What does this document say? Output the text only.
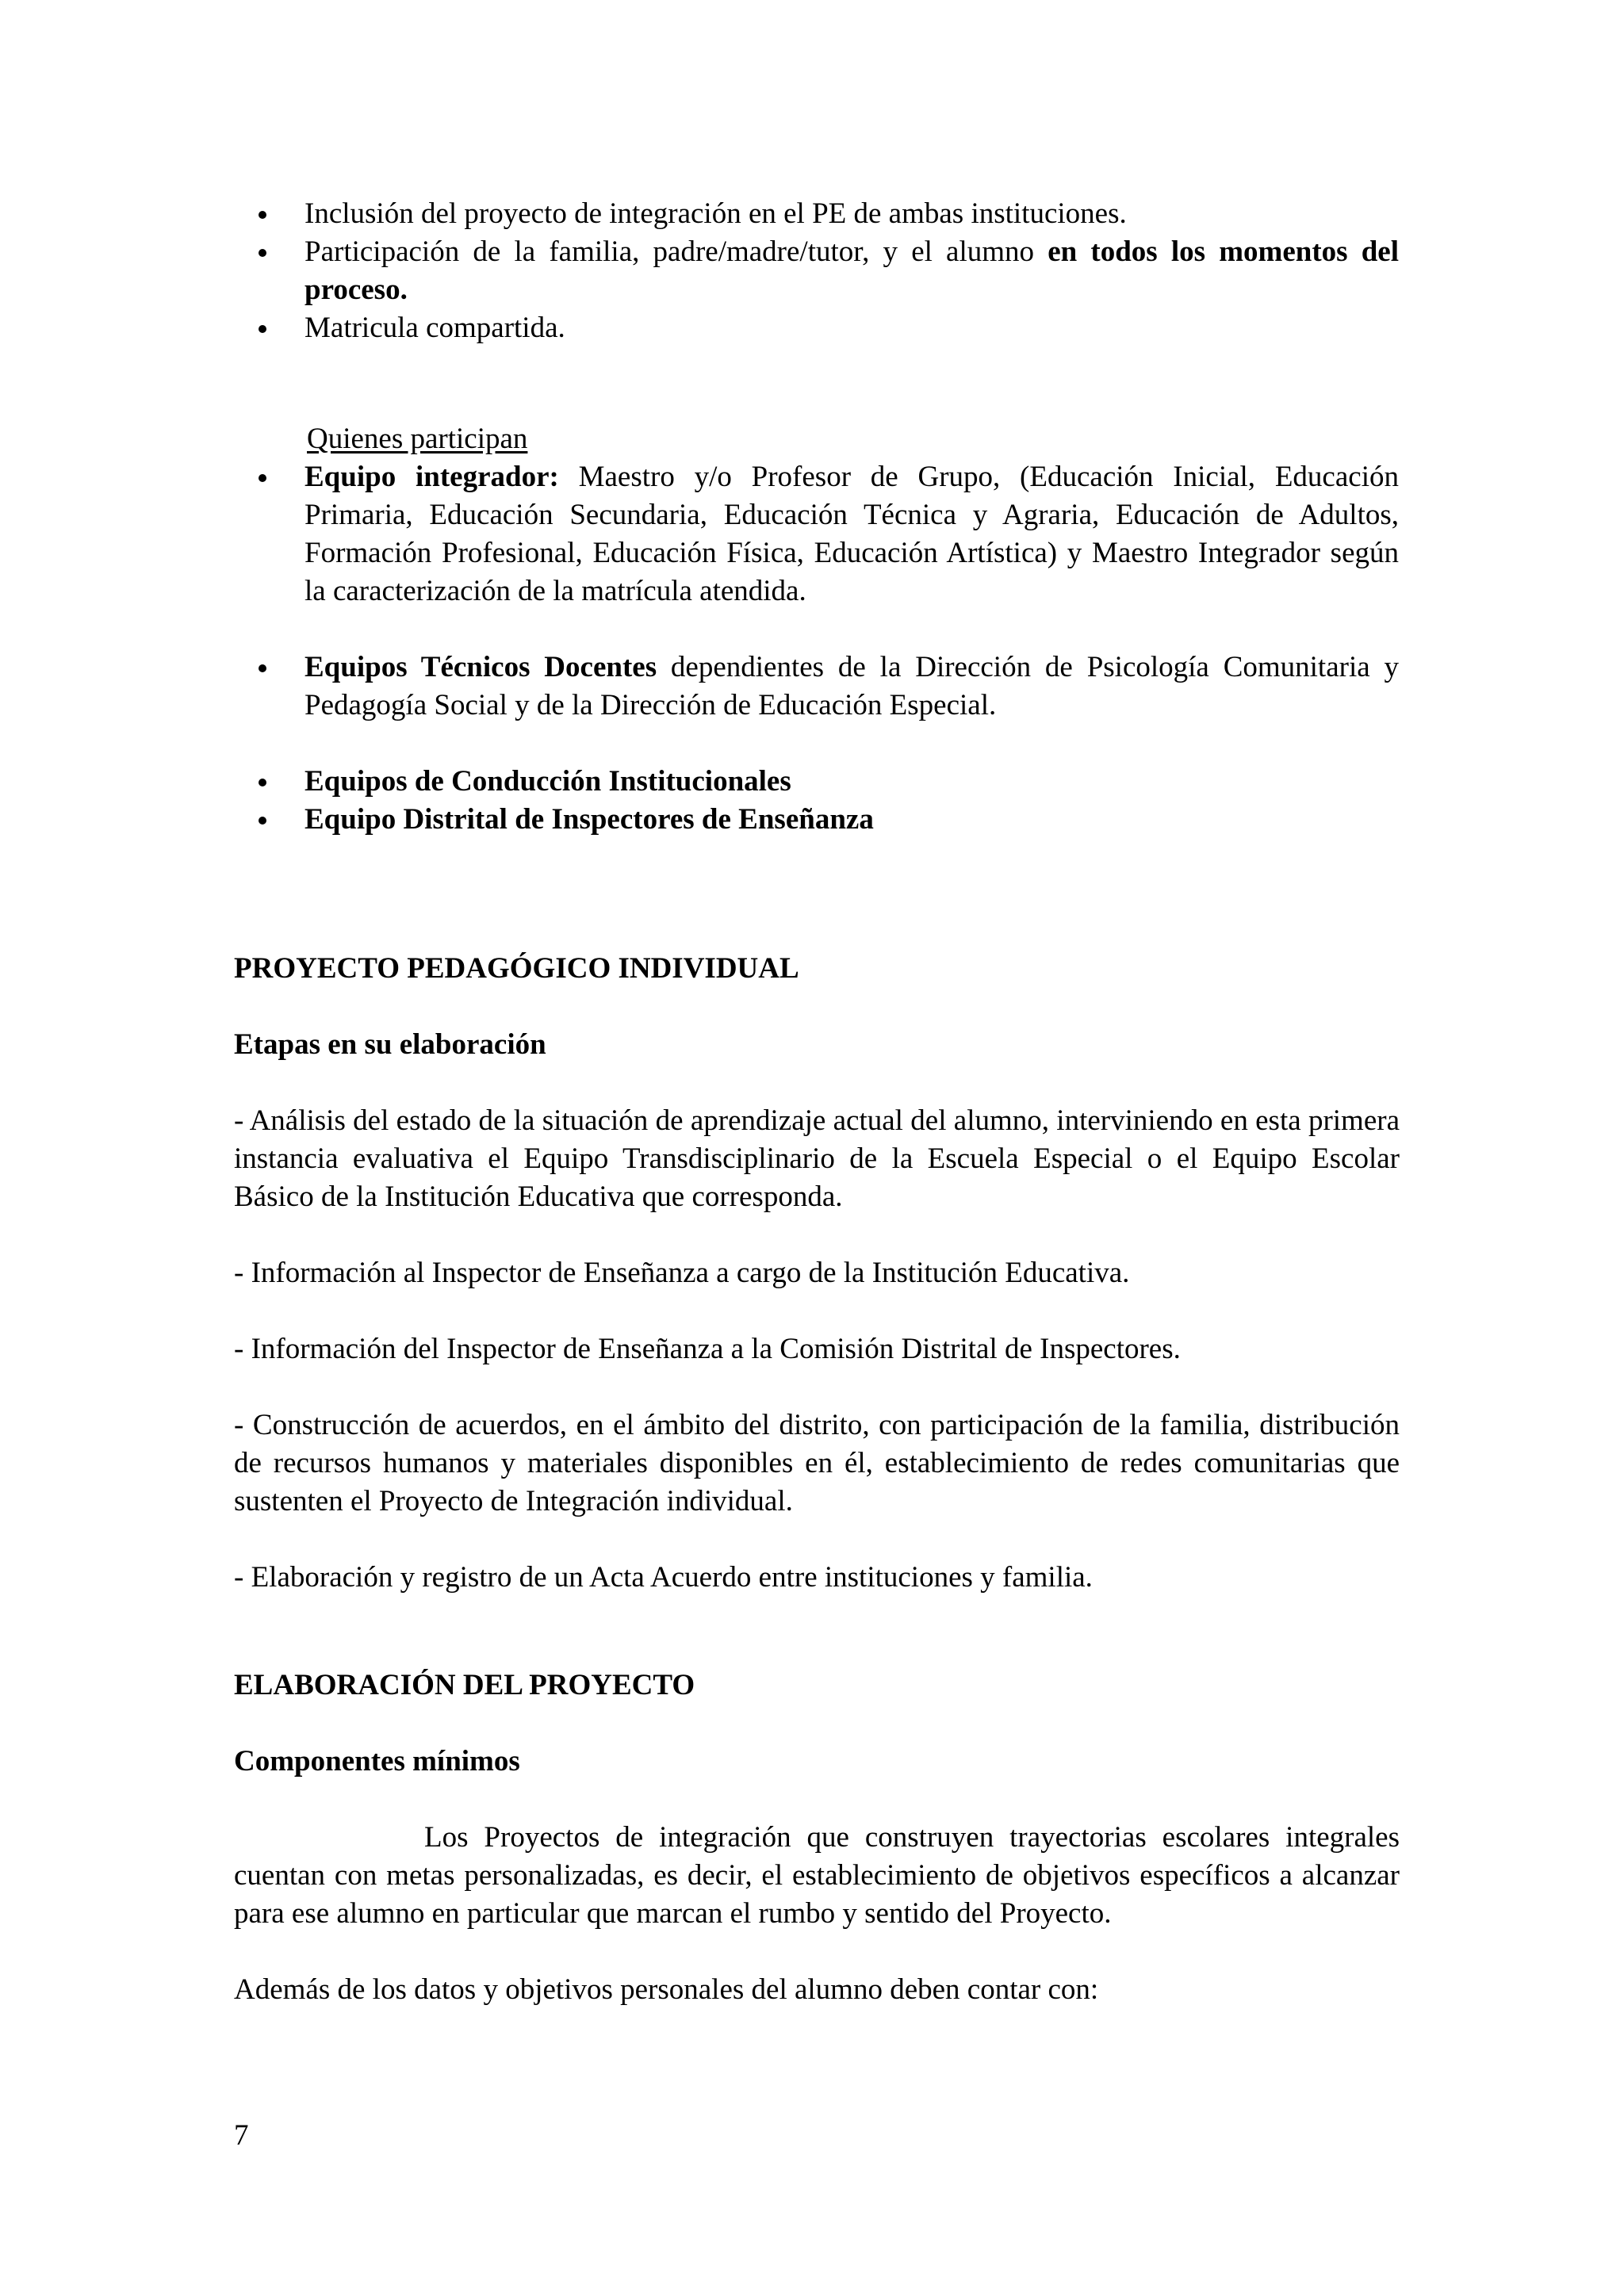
Inclusión del proyecto de integración en el PE de ambas instituciones.
Participación de la familia, padre/madre/tutor, y el alumno en todos los momentos del proceso.
Matricula compartida.

Quienes participan

Equipo integrador: Maestro y/o Profesor de Grupo, (Educación Inicial, Educación Primaria, Educación Secundaria, Educación Técnica y Agraria, Educación de Adultos, Formación Profesional, Educación Física, Educación Artística) y Maestro Integrador según la caracterización de la matrícula atendida.
Equipos Técnicos Docentes dependientes de la Dirección de Psicología Comunitaria y Pedagogía Social y de la Dirección de Educación Especial.
Equipos de Conducción Institucionales
Equipo Distrital de Inspectores de Enseñanza

PROYECTO PEDAGÓGICO INDIVIDUAL

Etapas en su elaboración

- Análisis del estado de la situación de aprendizaje actual del alumno, interviniendo en esta primera instancia evaluativa el Equipo Transdisciplinario de la Escuela Especial o el Equipo Escolar Básico de la Institución Educativa que corresponda.

- Información al Inspector de Enseñanza a cargo de la Institución Educativa.

- Información del Inspector de Enseñanza a la Comisión Distrital de Inspectores.

- Construcción de acuerdos, en el ámbito del distrito, con participación de la familia, distribución de recursos humanos y materiales disponibles en él, establecimiento de redes comunitarias que sustenten el Proyecto de Integración individual.

- Elaboración y registro de un Acta Acuerdo entre instituciones y familia.

ELABORACIÓN DEL PROYECTO

Componentes mínimos

Los Proyectos de integración que construyen trayectorias escolares integrales cuentan con metas personalizadas, es decir, el establecimiento de objetivos específicos a alcanzar para ese alumno en particular que marcan el rumbo y sentido del Proyecto.

Además de los datos y objetivos personales del alumno deben contar con:

7
